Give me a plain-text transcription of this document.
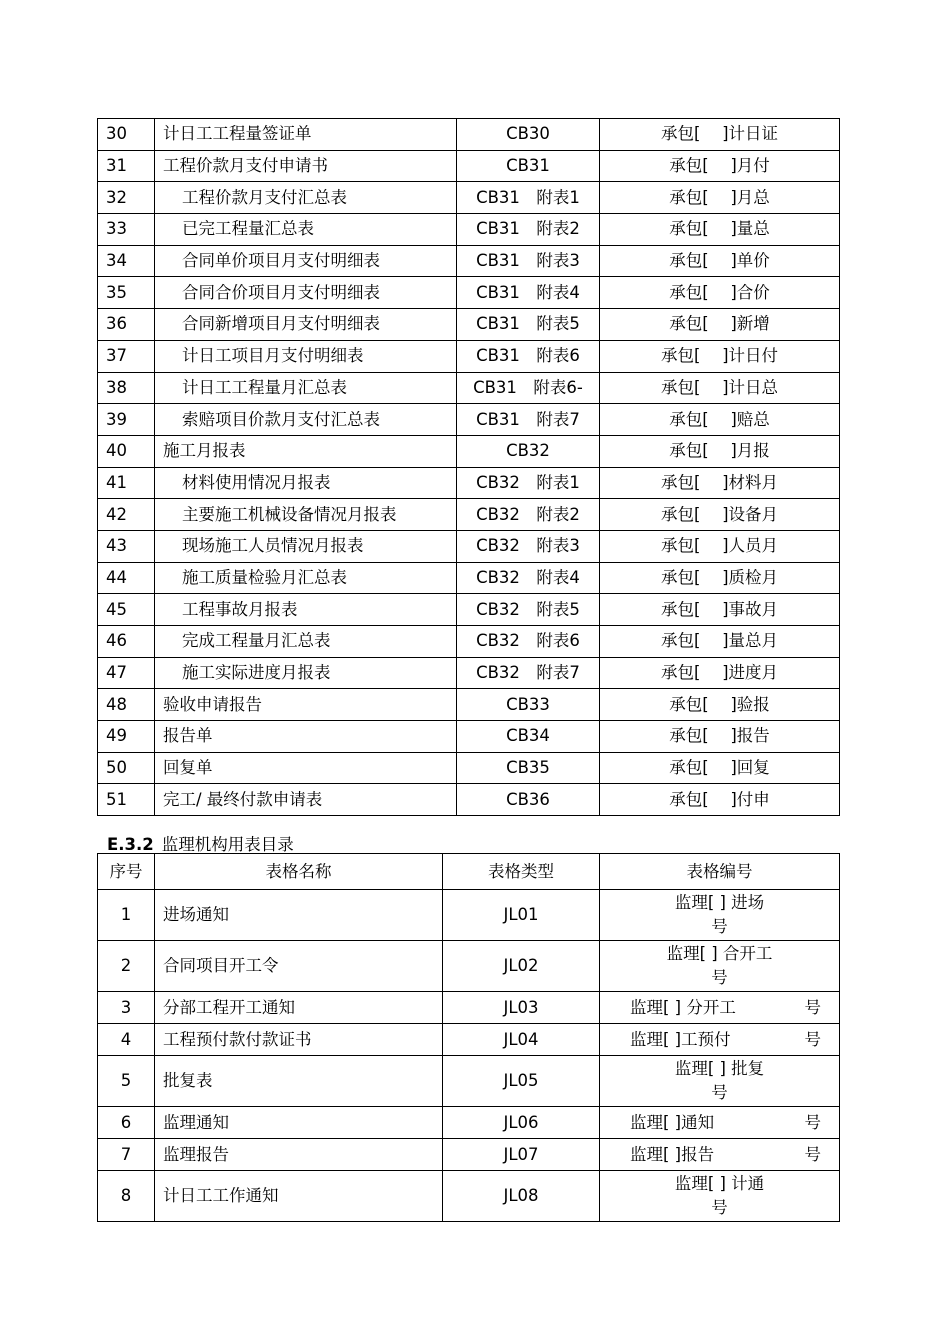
30	计日工工程量签证单	CB30	承包[　 ]计日证
31	工程价款月支付申请书	CB31	承包[　 ]月付
32	工程价款月支付汇总表	CB31　附表1	承包[　 ]月总
33	已完工程量汇总表	CB31　附表2	承包[　 ]量总
34	合同单价项目月支付明细表	CB31　附表3	承包[　 ]单价
35	合同合价项目月支付明细表	CB31　附表4	承包[　 ]合价
36	合同新增项目月支付明细表	CB31　附表5	承包[　 ]新增
37	计日工项目月支付明细表	CB31　附表6	承包[　 ]计日付
38	计日工工程量月汇总表	CB31　附表6-	承包[　 ]计日总
39	索赔项目价款月支付汇总表	CB31　附表7	承包[　 ]赔总
40	施工月报表	CB32	承包[　 ]月报
41	材料使用情况月报表	CB32　附表1	承包[　 ]材料月
42	主要施工机械设备情况月报表	CB32　附表2	承包[　 ]设备月
43	现场施工人员情况月报表	CB32　附表3	承包[　 ]人员月
44	施工质量检验月汇总表	CB32　附表4	承包[　 ]质检月
45	工程事故月报表	CB32　附表5	承包[　 ]事故月
46	完成工程量月汇总表	CB32　附表6	承包[　 ]量总月
47	施工实际进度月报表	CB32　附表7	承包[　 ]进度月
48	验收申请报告	CB33	承包[　 ]验报
49	报告单	CB34	承包[　 ]报告
50	回复单	CB35	承包[　 ]回复
51	完工/ 最终付款申请表	CB36	承包[　 ]付申
E.3.2 监理机构用表目录
序号	表格名称	表格类型	表格编号
1	进场通知	JL01	监理[ ] 进场
号

2	合同项目开工令	JL02	监理[ ] 合开工
号

3	分部工程开工通知	JL03	监理[ ] 分开工 号

4	工程预付款付款证书	JL04	监理[ ]工预付 号

5	批复表	JL05	监理[ ] 批复
号

6	监理通知	JL06	监理[ ]通知 号

7	监理报告	JL07	监理[ ]报告 号

8	计日工工作通知	JL08	监理[ ] 计通
号
